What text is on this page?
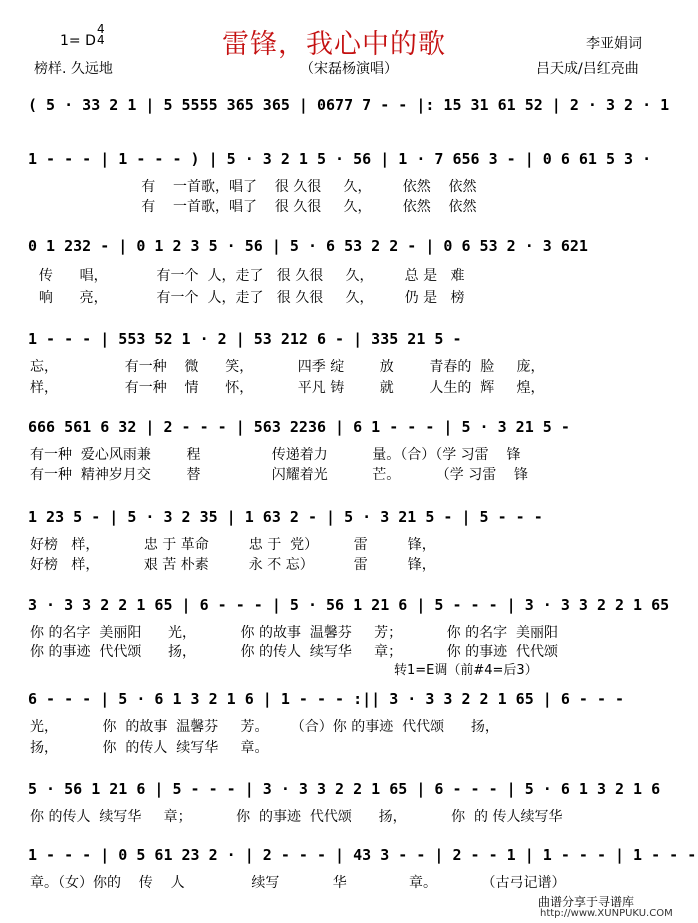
雷锋，我心中的歌
1= D
4
4	李亚娟词
榜样. 久远地	（宋磊杨演唱）	吕天成/吕红亮曲
( 5 · 33 2 1 | 5 5555 365 365 | 0677 7 - - |: 15 31 61 52 | 2 · 3 2 · 1
1 - - - | 1 - - - ) | 5 · 3 2 1 5 · 56 | 1 · 7 656 3 - | 0 6 61 5 3 ·
有    一首歌，唱了    很 久很     久，       依然    依然
有    一首歌，唱了    很 久很     久，       依然    依然
0 1 232 - | 0 1 2 3 5 · 56 | 5 · 6 53 2 2 - | 0 6 53 2 · 3 621
传      唱，           有一个  人，走了   很 久很     久，       总 是   难
响      亮，           有一个  人，走了   很 久很     久，       仍 是   榜
1 - - - | 553 52 1 · 2 | 53 212 6 - | 335 21 5 -
忘，               有一种    微      笑，          四季 绽        放        青春的  脸     庞，
样，               有一种    情      怀，          平凡 铸        就        人生的  辉     煌，
666 561 6 32 | 2 - - - | 563 2236 | 6 1 - - - | 5 · 3 21 5 -
有一种  爱心风雨兼        程                传递着力          量。（合）（学 习雷    锋
有一种  精神岁月交        替                闪耀着光          芒。        （学 习雷    锋
1 23 5 - | 5 · 3 2 35 | 1 63 2 - | 5 · 3 21 5 - | 5 - - -
好榜   样，          忠 于 革命         忠 于  党）        雷         锋，
好榜   样，          艰 苦 朴素         永 不 忘）         雷         锋，
3 · 3 3 2 2 1 65 | 6 - - - | 5 · 56 1 21 6 | 5 - - - | 3 · 3 3 2 2 1 65
你 的名字  美丽阳      光，          你 的故事  温馨芬     芳；          你 的名字  美丽阳
你 的事迹  代代颂      扬，          你 的传人  续写华     章；          你 的事迹  代代颂
转1=E调（前#4=后3）
6 - - - | 5 · 6 1 3 2 1 6 | 1 - - - :|| 3 · 3 3 2 2 1 65 | 6 - - -
光，          你  的故事  温馨芬     芳。     （合）你 的事迹  代代颂      扬，
扬，          你  的传人  续写华     章。
5 · 56 1 21 6 | 5 - - - | 3 · 3 3 2 2 1 65 | 6 - - - | 5 · 6 1 3 2 1 6
你 的传人  续写华     章；          你  的事迹  代代颂      扬，          你  的 传人续写华
1 - - - | 0 5 61 23 2 · | 2 - - - | 43 3 - - | 2 - - 1 | 1 - - - | 1 - - -
章。（女）你的    传    人               续写            华              章。          （古弓记谱）
曲谱分享于寻谱库
http://www.XUNPUKU.COM
